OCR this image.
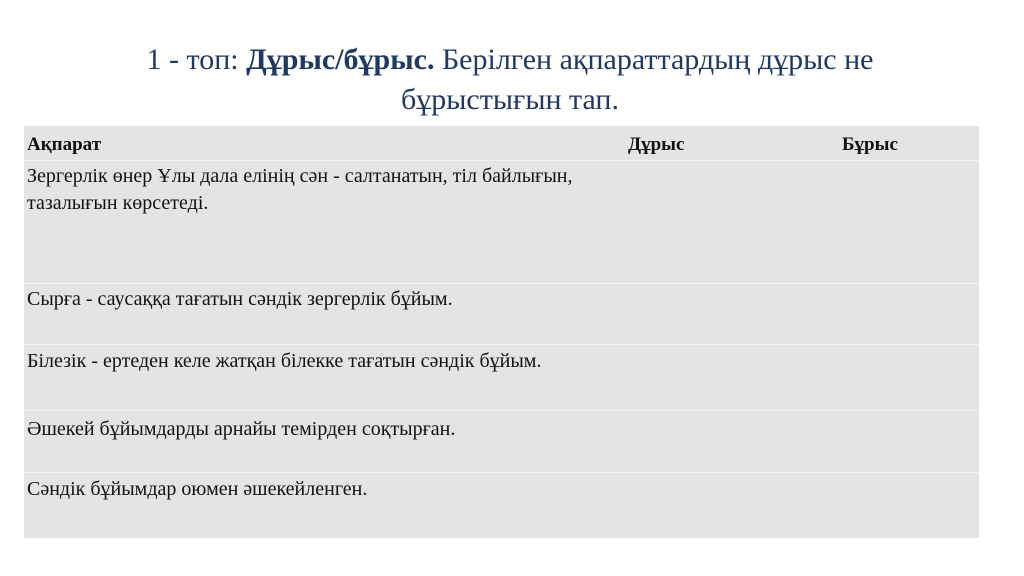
1 - топ: Дұрыс/бұрыс. Берілген ақпараттардың дұрыс не бұрыстығын тап.
Ақпарат	Дұрыс	Бұрыс
Зергерлік өнер Ұлы дала елінің сән - салтанатын, тіл байлығын, тазалығын көрсетеді.
Сырға - саусаққа тағатын сәндік зергерлік бұйым.
Білезік - ертеден келе жатқан білекке тағатын сәндік бұйым.
Әшекей бұйымдарды арнайы темірден соқтырған.
Сәндік бұйымдар оюмен әшекейленген.
